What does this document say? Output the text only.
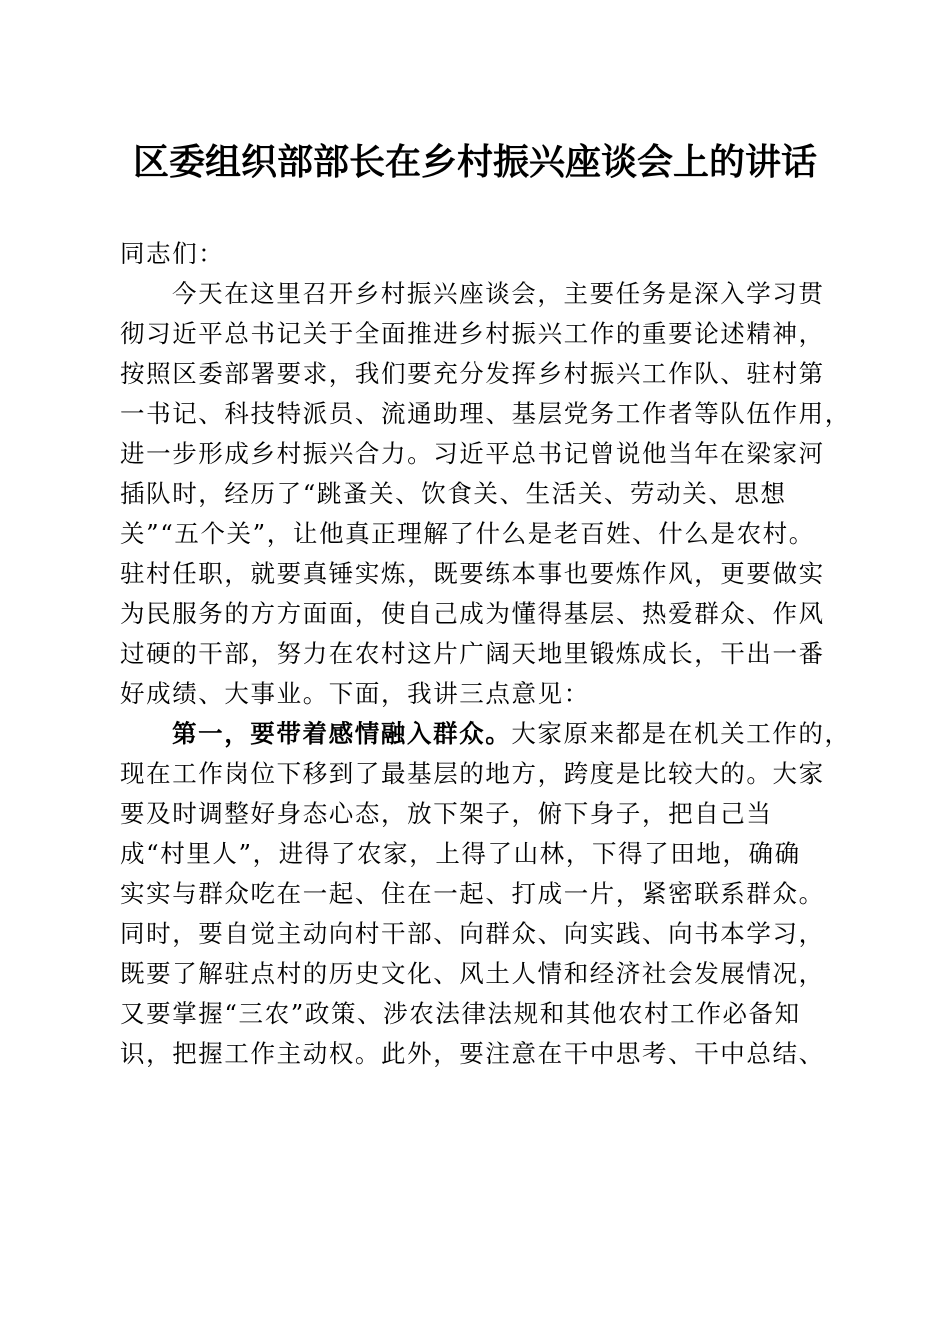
区委组织部部长在乡村振兴座谈会上的讲话
同志们：
今天在这里召开乡村振兴座谈会，主要任务是深入学习贯
彻习近平总书记关于全面推进乡村振兴工作的重要论述精神，
按照区委部署要求，我们要充分发挥乡村振兴工作队、驻村第
一书记、科技特派员、流通助理、基层党务工作者等队伍作用，
进一步形成乡村振兴合力。习近平总书记曾说他当年在梁家河
插队时，经历了“跳蚤关、饮食关、生活关、劳动关、思想
关”“五个关”，让他真正理解了什么是老百姓、什么是农村。
驻村任职，就要真锤实炼，既要练本事也要炼作风，更要做实
为民服务的方方面面，使自己成为懂得基层、热爱群众、作风
过硬的干部，努力在农村这片广阔天地里锻炼成长，干出一番
好成绩、大事业。下面，我讲三点意见：
第一，要带着感情融入群众。大家原来都是在机关工作的，
现在工作岗位下移到了最基层的地方，跨度是比较大的。大家
要及时调整好身态心态，放下架子，俯下身子，把自己当
成“村里人”，进得了农家，上得了山林，下得了田地，确确
实实与群众吃在一起、住在一起、打成一片，紧密联系群众。
同时，要自觉主动向村干部、向群众、向实践、向书本学习，
既要了解驻点村的历史文化、风土人情和经济社会发展情况，
又要掌握“三农”政策、涉农法律法规和其他农村工作必备知
识，把握工作主动权。此外，要注意在干中思考、干中总结、
